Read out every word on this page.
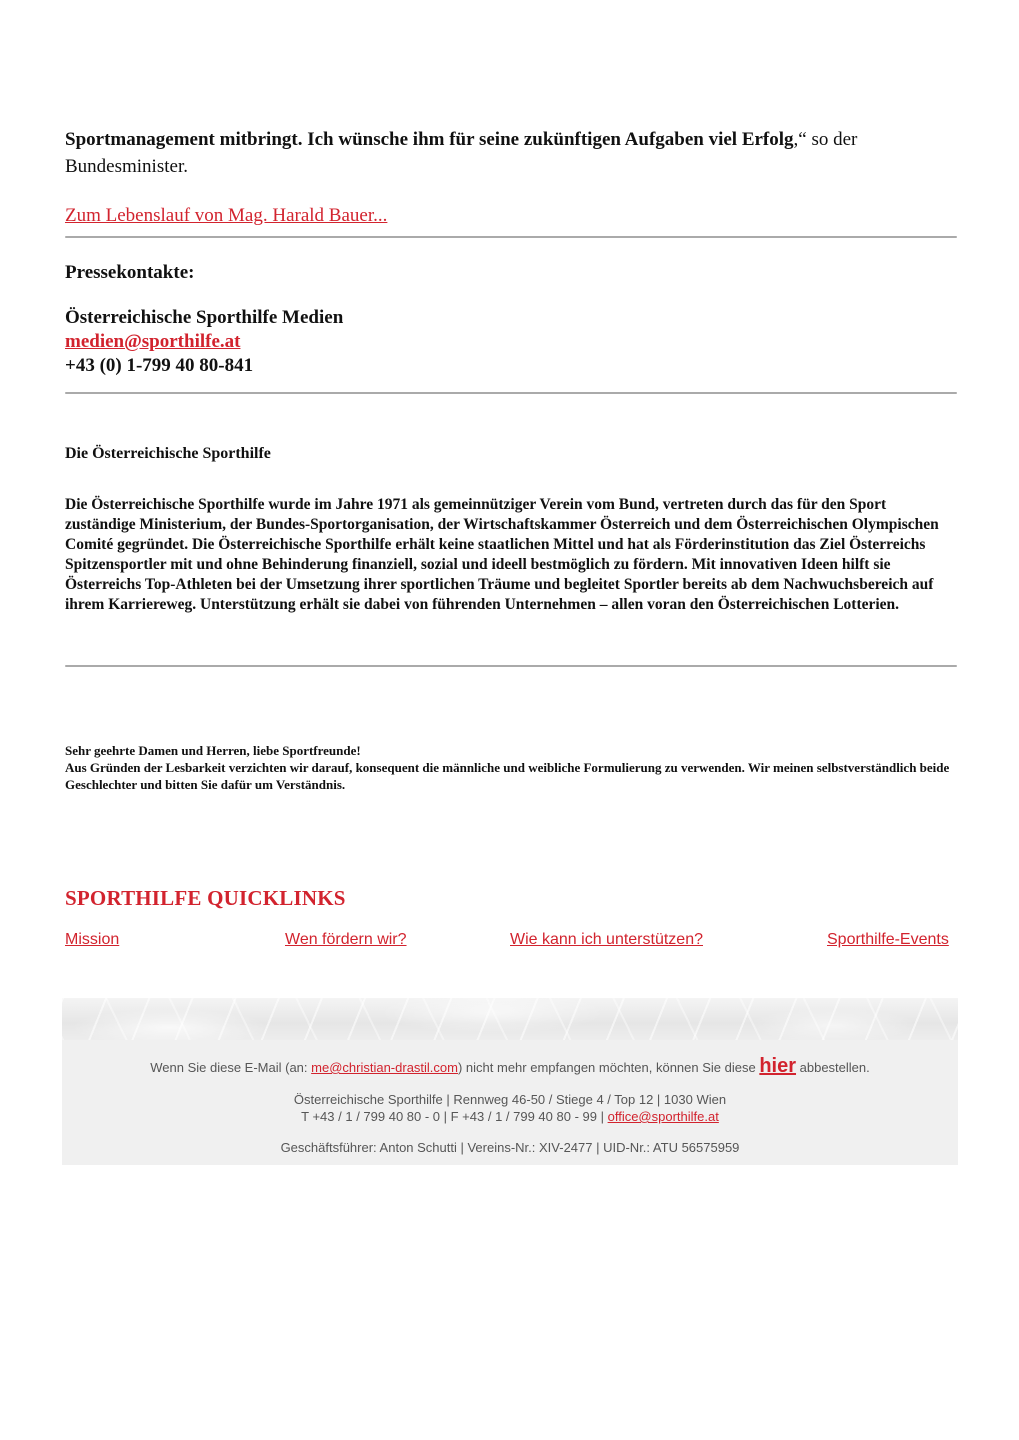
Sportmanagement mitbringt. Ich wünsche ihm für seine zukünftigen Aufgaben viel Erfolg,“ so der Bundesminister.

Zum Lebenslauf von Mag. Harald Bauer...

Pressekontakte:

Österreichische Sporthilfe Medien
medien@sporthilfe.at
+43 (0) 1-799 40 80-841

Die Österreichische Sporthilfe

Die Österreichische Sporthilfe wurde im Jahre 1971 als gemeinnütziger Verein vom Bund, vertreten durch das für den Sport zuständige Ministerium, der Bundes-Sportorganisation, der Wirtschaftskammer Österreich und dem Österreichischen Olympischen Comité gegründet. Die Österreichische Sporthilfe erhält keine staatlichen Mittel und hat als Förderinstitution das Ziel Österreichs Spitzensportler mit und ohne Behinderung finanziell, sozial und ideell bestmöglich zu fördern. Mit innovativen Ideen hilft sie Österreichs Top-Athleten bei der Umsetzung ihrer sportlichen Träume und begleitet Sportler bereits ab dem Nachwuchsbereich auf ihrem Karriereweg. Unterstützung erhält sie dabei von führenden Unternehmen – allen voran den Österreichischen Lotterien.

Sehr geehrte Damen und Herren, liebe Sportfreunde!
Aus Gründen der Lesbarkeit verzichten wir darauf, konsequent die männliche und weibliche Formulierung zu verwenden. Wir meinen selbstverständlich beide Geschlechter und bitten Sie dafür um Verständnis.
SPORTHILFE QUICKLINKS
Mission	Wen fördern wir?	Wie kann ich unterstützen?	Sporthilfe-Events
Wenn Sie diese E-Mail (an: me@christian-drastil.com) nicht mehr empfangen möchten, können Sie diese hier abbestellen.
Österreichische Sporthilfe | Rennweg 46-50 / Stiege 4 / Top 12 | 1030 Wien
T +43 / 1 / 799 40 80 - 0 | F +43 / 1 / 799 40 80 - 99 | office@sporthilfe.at
Geschäftsführer: Anton Schutti | Vereins-Nr.: XIV-2477 | UID-Nr.: ATU 56575959
